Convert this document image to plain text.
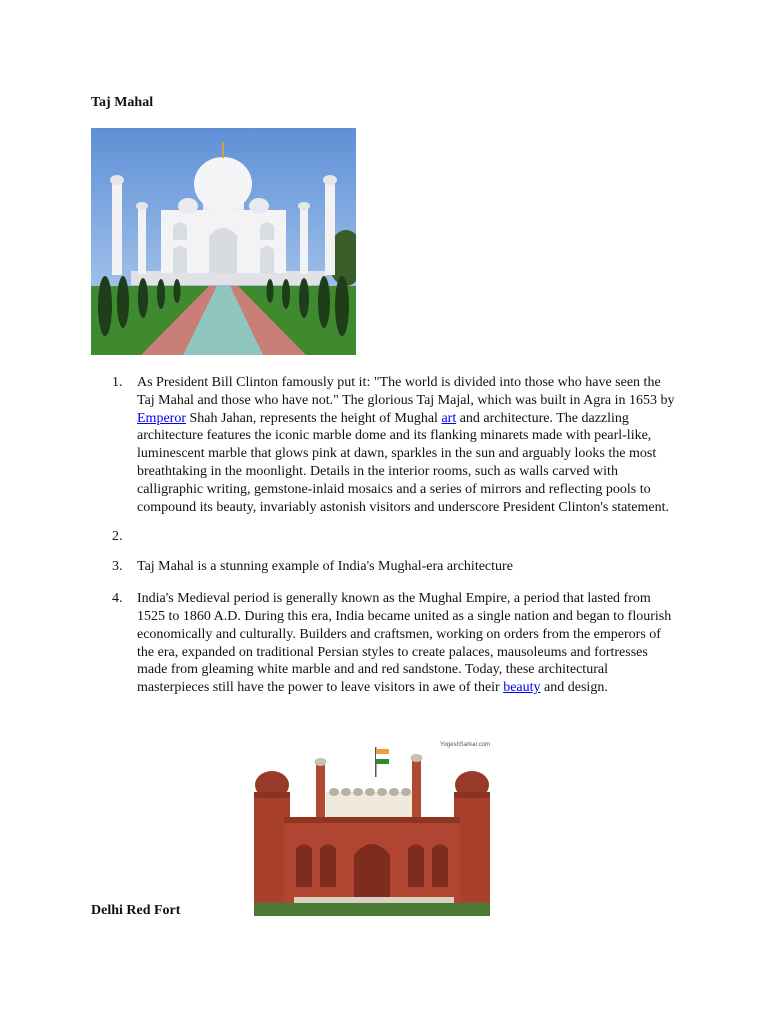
Taj Mahal
1. As President Bill Clinton famously put it: "The world is divided into those who have seen the Taj Mahal and those who have not." The glorious Taj Majal, which was built in Agra in 1653 by Emperor Shah Jahan, represents the height of Mughal art and architecture. The dazzling architecture features the iconic marble dome and its flanking minarets made with pearl-like, luminescent marble that glows pink at dawn, sparkles in the sun and arguably looks the most breathtaking in the moonlight. Details in the interior rooms, such as walls carved with calligraphic writing, gemstone-inlaid mosaics and a series of mirrors and reflecting pools to compound its beauty, invariably astonish visitors and underscore President Clinton's statement.
2.
3. Taj Mahal is a stunning example of India's Mughal-era architecture
4. India's Medieval period is generally known as the Mughal Empire, a period that lasted from 1525 to 1860 A.D. During this era, India became united as a single nation and began to flourish economically and culturally. Builders and craftsmen, working on orders from the emperors of the era, expanded on traditional Persian styles to create palaces, mausoleums and fortresses made from gleaming white marble and and red sandstone. Today, these architectural masterpieces still have the power to leave visitors in awe of their beauty and design.
YogeshSarkar.com
Delhi Red Fort
